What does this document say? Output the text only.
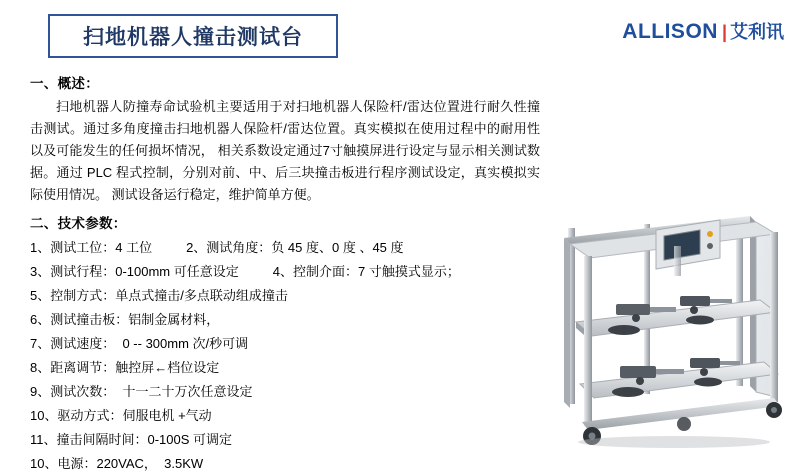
扫地机器人撞击测试台	ALLISON | 艾利讯
一、概述：

扫地机器人防撞寿命试验机主要适用于对扫地机器人保险杆/雷达位置进行耐久性撞击测试。通过多角度撞击扫地机器人保险杆/雷达位置。真实模拟在使用过程中的耐用性以及可能发生的任何损坏情况， 相关系数设定通过7寸触摸屏进行设定与显示相关测试数据。通过 PLC 程式控制，分别对前、中、后三块撞击板进行程序测试设定，真实模拟实际使用情况。 测试设备运行稳定，维护简单方便。

二、技术参数：
1、测试工位：4 工位	2、测试角度：负 45 度、0 度 、45 度
3、测试行程：0-100mm 可任意设定	4、控制介面：7 寸触摸式显示；
5、控制方式：单点式撞击/多点联动组成撞击
6、测试撞击板：铝制金属材料，
7、测试速度：  0 -- 300mm 次/秒可调
8、距离调节：触控屏←档位设定
9、测试次数：  十一二十万次任意设定
10、驱动方式：伺服电机 +气动
11、撞击间隔时间：0-100S 可调定
10、电源：220VAC，  3.5KW
